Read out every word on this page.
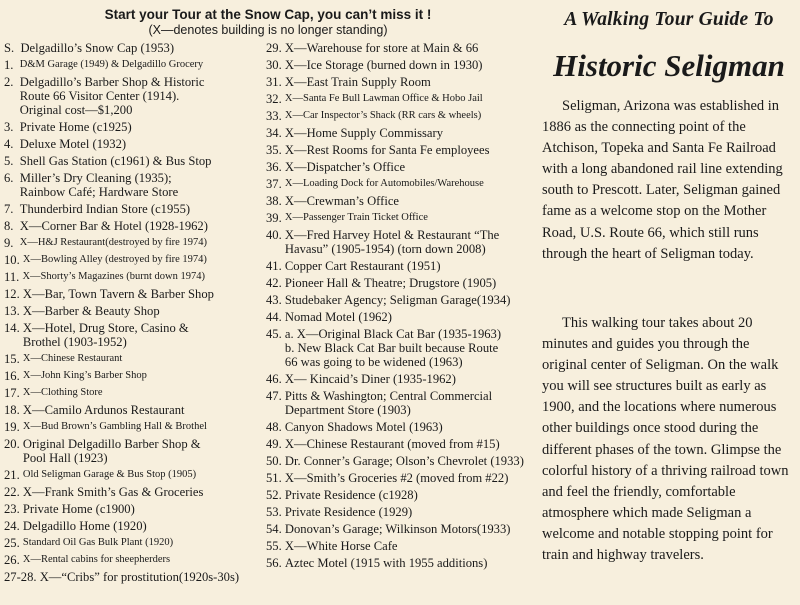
Start your Tour at the Snow Cap, you can’t miss it !
(X—denotes building is no longer standing)
S. Delgadillo’s Snow Cap (1953)
1. D&M Garage (1949) & Delgadillo Grocery
2. Delgadillo’s Barber Shop & Historic
Route 66 Visitor Center (1914).
Original cost—$1,200
3. Private Home (c1925)
4. Deluxe Motel (1932)
5. Shell Gas Station (c1961) & Bus Stop
6. Miller’s Dry Cleaning (1935);
Rainbow Café; Hardware Store
7. Thunderbird Indian Store (c1955)
8. X—Corner Bar & Hotel (1928-1962)
9. X—H&J Restaurant(destroyed by fire 1974)
10. X—Bowling Alley (destroyed by fire 1974)
11. X—Shorty’s Magazines (burnt down 1974)
12. X—Bar, Town Tavern & Barber Shop
13. X—Barber & Beauty Shop
14. X—Hotel, Drug Store, Casino &
Brothel (1903-1952)
15. X—Chinese Restaurant
16. X—John King’s Barber Shop
17. X—Clothing Store
18. X—Camilo Ardunos Restaurant
19. X—Bud Brown’s Gambling Hall & Brothel
20. Original Delgadillo Barber Shop &
Pool Hall (1923)
21. Old Seligman Garage & Bus Stop (1905)
22. X—Frank Smith’s Gas & Groceries
23. Private Home (c1900)
24. Delgadillo Home (1920)
25. Standard Oil Gas Bulk Plant (1920)
26. X—Rental cabins for sheepherders
27-28. X—“Cribs” for prostitution(1920s-30s)
29. X—Warehouse for store at Main & 66
30. X—Ice Storage (burned down in 1930)
31. X—East Train Supply Room
32. X—Santa Fe Bull Lawman Office & Hobo Jail
33. X—Car Inspector’s Shack (RR cars & wheels)
34. X—Home Supply Commissary
35. X—Rest Rooms for Santa Fe employees
36. X—Dispatcher’s Office
37. X—Loading Dock for Automobiles/Warehouse
38. X—Crewman’s Office
39. X—Passenger Train Ticket Office
40. X—Fred Harvey Hotel & Restaurant “The
Havasu” (1905-1954) (torn down 2008)
41. Copper Cart Restaurant (1951)
42. Pioneer Hall & Theatre; Drugstore (1905)
43. Studebaker Agency; Seligman Garage(1934)
44. Nomad Motel (1962)
45. a. X—Original Black Cat Bar (1935-1963)
b. New Black Cat Bar built because Route
66 was going to be widened (1963)
46. X— Kincaid’s Diner (1935-1962)
47. Pitts & Washington; Central Commercial
Department Store (1903)
48. Canyon Shadows Motel (1963)
49. X—Chinese Restaurant (moved from #15)
50. Dr. Conner’s Garage; Olson’s Chevrolet (1933)
51. X—Smith’s Groceries #2 (moved from #22)
52. Private Residence (c1928)
53. Private Residence (1929)
54. Donovan’s Garage; Wilkinson Motors(1933)
55. X—White Horse Cafe
56. Aztec Motel (1915 with 1955 additions)
A Walking Tour Guide To
Historic Seligman

Seligman, Arizona was established in 1886 as the connecting point of the Atchison, Topeka and Santa Fe Railroad with a long abandoned rail line extending south to Prescott. Later, Seligman gained fame as a welcome stop on the Mother Road, U.S. Route 66, which still runs through the heart of Seligman today.

This walking tour takes about 20 minutes and guides you through the original center of Seligman. On the walk you will see structures built as early as 1900, and the locations where numerous other buildings once stood during the different phases of the town. Glimpse the colorful history of a thriving railroad town and feel the friendly, comfortable atmosphere which made Seligman a welcome and notable stopping point for train and highway travelers.
